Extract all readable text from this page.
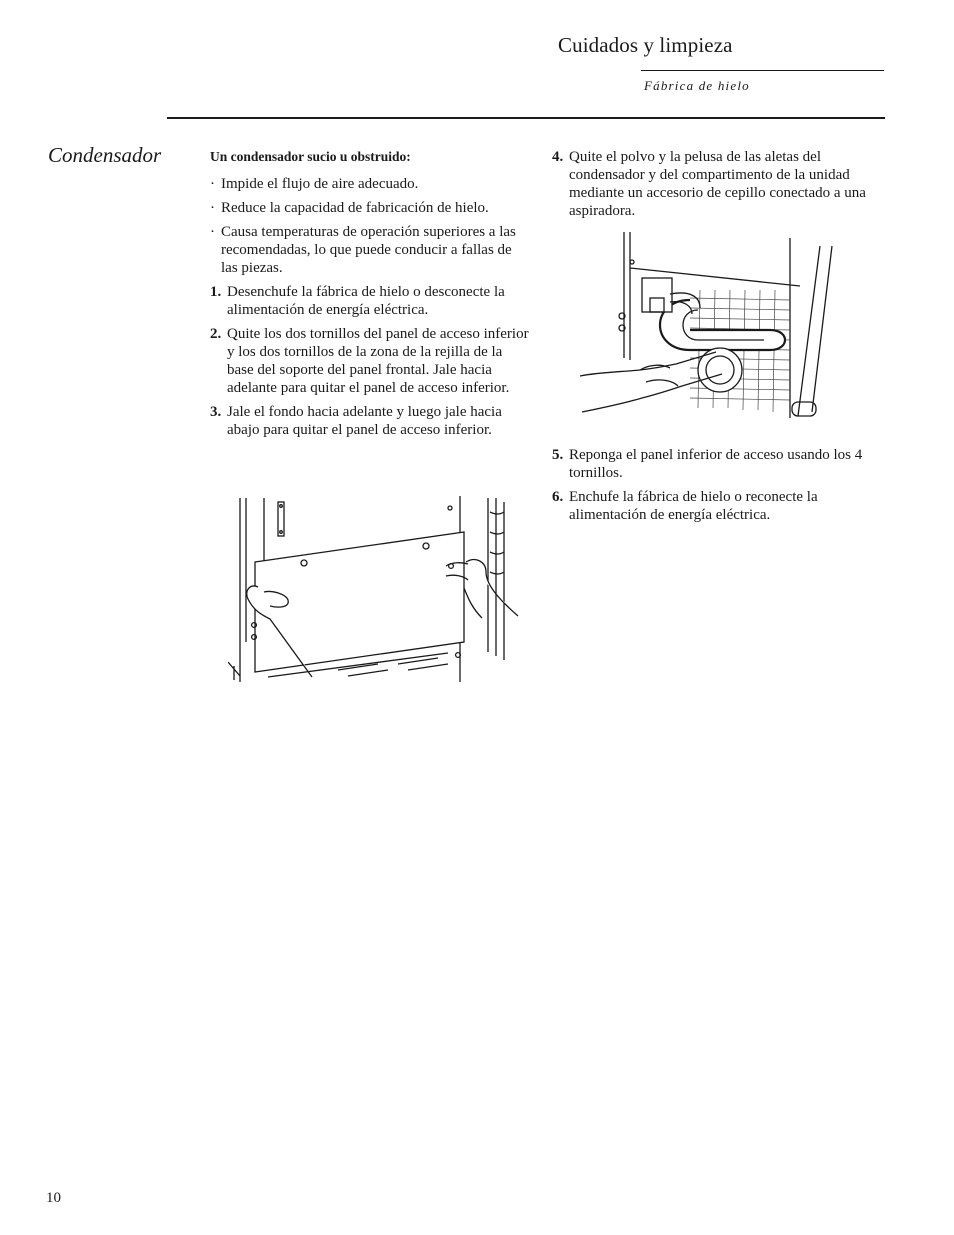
Cuidados y limpieza
Fábrica de hielo
Condensador	Un condensador sucio u obstruido:

· Impide el flujo de aire adecuado.
· Reduce la capacidad de fabricación de hielo.
· Causa temperaturas de operación superiores a las recomendadas, lo que puede conducir a fallas de las piezas.
1. Desenchufe la fábrica de hielo o desconecte la alimentación de energía eléctrica.
2. Quite los dos tornillos del panel de acceso inferior y los dos tornillos de la zona de la rejilla de la base del soporte del panel frontal. Jale hacia adelante para quitar el panel de acceso inferior.
3. Jale el fondo hacia adelante y luego jale hacia abajo para quitar el panel de acceso inferior.
4. Quite el polvo y la pelusa de las aletas del condensador y del compartimento de la unidad mediante un accesorio de cepillo conectado a una aspiradora.
5. Reponga el panel inferior de acceso usando los 4 tornillos.
6. Enchufe la fábrica de hielo o reconecte la alimentación de energía eléctrica.
10
